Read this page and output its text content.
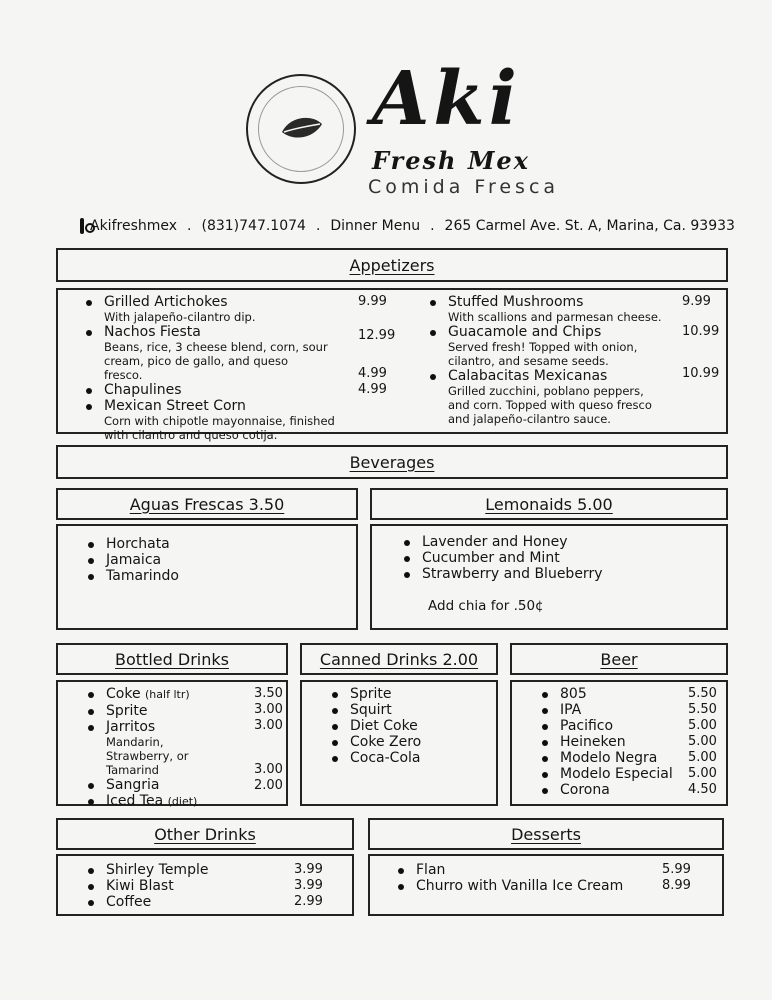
Aki
Fresh Mex
Comida Fresca
Akifreshmex . (831)747.1074 . Dinner Menu . 265 Carmel Ave. St. A, Marina, Ca. 93933
Appetizers
Grilled Artichokes
With jalapeño-cilantro dip.
Nachos Fiesta
Beans, rice, 3 cheese blend, corn, sour cream, pico de gallo, and queso fresco.
Chapulines
Mexican Street Corn
Corn with chipotle mayonnaise, finished with cilantro and queso cotija.
9.99
12.99
4.99
4.99
Stuffed Mushrooms
With scallions and parmesan cheese.
Guacamole and Chips
Served fresh! Topped with onion, cilantro, and sesame seeds.
Calabacitas Mexicanas
Grilled zucchini, poblano peppers, and corn. Topped with queso fresco and jalapeño-cilantro sauce.
9.99
10.99
10.99
Beverages
Aguas Frescas 3.50
Horchata
Jamaica
Tamarindo
Lemonaids 5.00
Lavender and Honey
Cucumber and Mint
Strawberry and Blueberry
Add chia for .50¢
Bottled Drinks
Coke (half ltr)
Sprite
Jarritos
Mandarin, Strawberry, or Tamarind
Sangria
Iced Tea (diet)
3.50
3.00
3.00
3.00
2.00
Canned Drinks 2.00
Sprite
Squirt
Diet Coke
Coke Zero
Coca-Cola
Beer
805
IPA
Pacifico
Heineken
Modelo Negra
Modelo Especial
Corona
5.50
5.50
5.00
5.00
5.00
5.00
4.50
Other Drinks
Shirley Temple
Kiwi Blast
Coffee
3.99
3.99
2.99
Desserts
Flan
Churro with Vanilla Ice Cream
5.99
8.99
